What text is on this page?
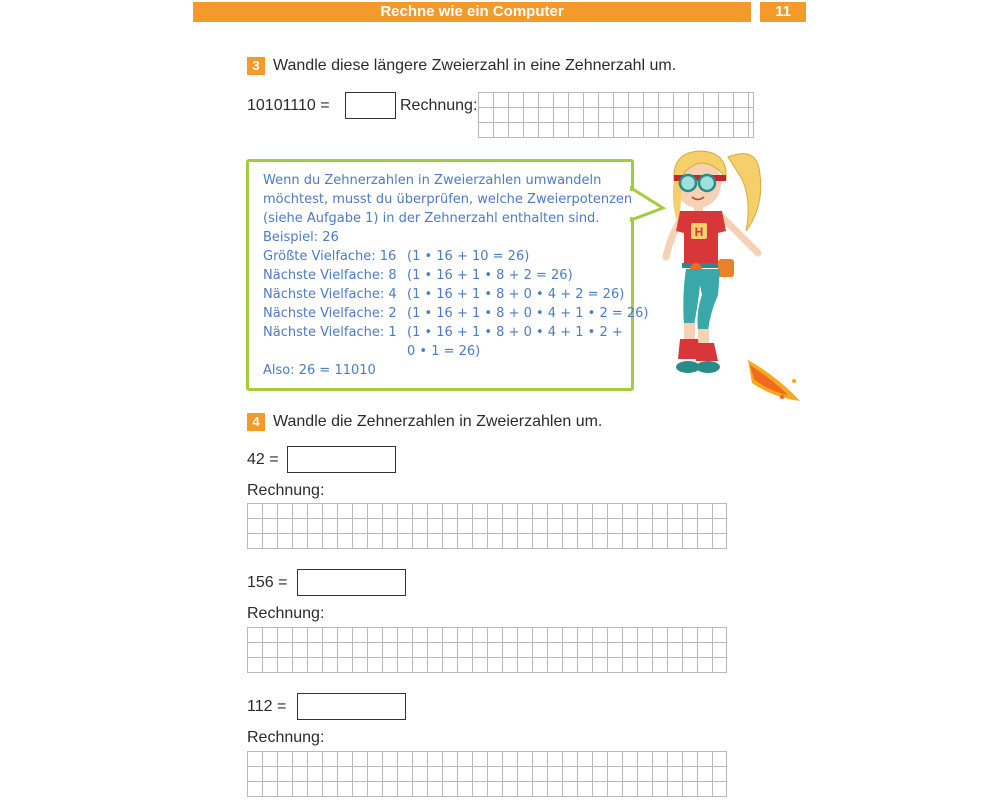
Rechne wie ein Computer	11
3 Wandle diese längere Zweierzahl in eine Zehnerzahl um.
10101110 =	Rechnung:
Wenn du Zehnerzahlen in Zweierzahlen umwandeln
möchtest, musst du überprüfen, welche Zweierpotenzen
(siehe Aufgabe 1) in der Zehnerzahl enthalten sind.
Beispiel: 26
Größte Vielfache: 16 (1 • 16 + 10 = 26)
Nächste Vielfache: 8 (1 • 16 + 1 • 8 + 2 = 26)
Nächste Vielfache: 4 (1 • 16 + 1 • 8 + 0 • 4 + 2 = 26)
Nächste Vielfache: 2 (1 • 16 + 1 • 8 + 0 • 4 + 1 • 2 = 26)
Nächste Vielfache: 1 (1 • 16 + 1 • 8 + 0 • 4 + 1 • 2 +
0 • 1 = 26)
Also: 26 = 11010
H
4 Wandle die Zehnerzahlen in Zweierzahlen um.
42 =
Rechnung:
156 =
Rechnung:
112 =
Rechnung:
